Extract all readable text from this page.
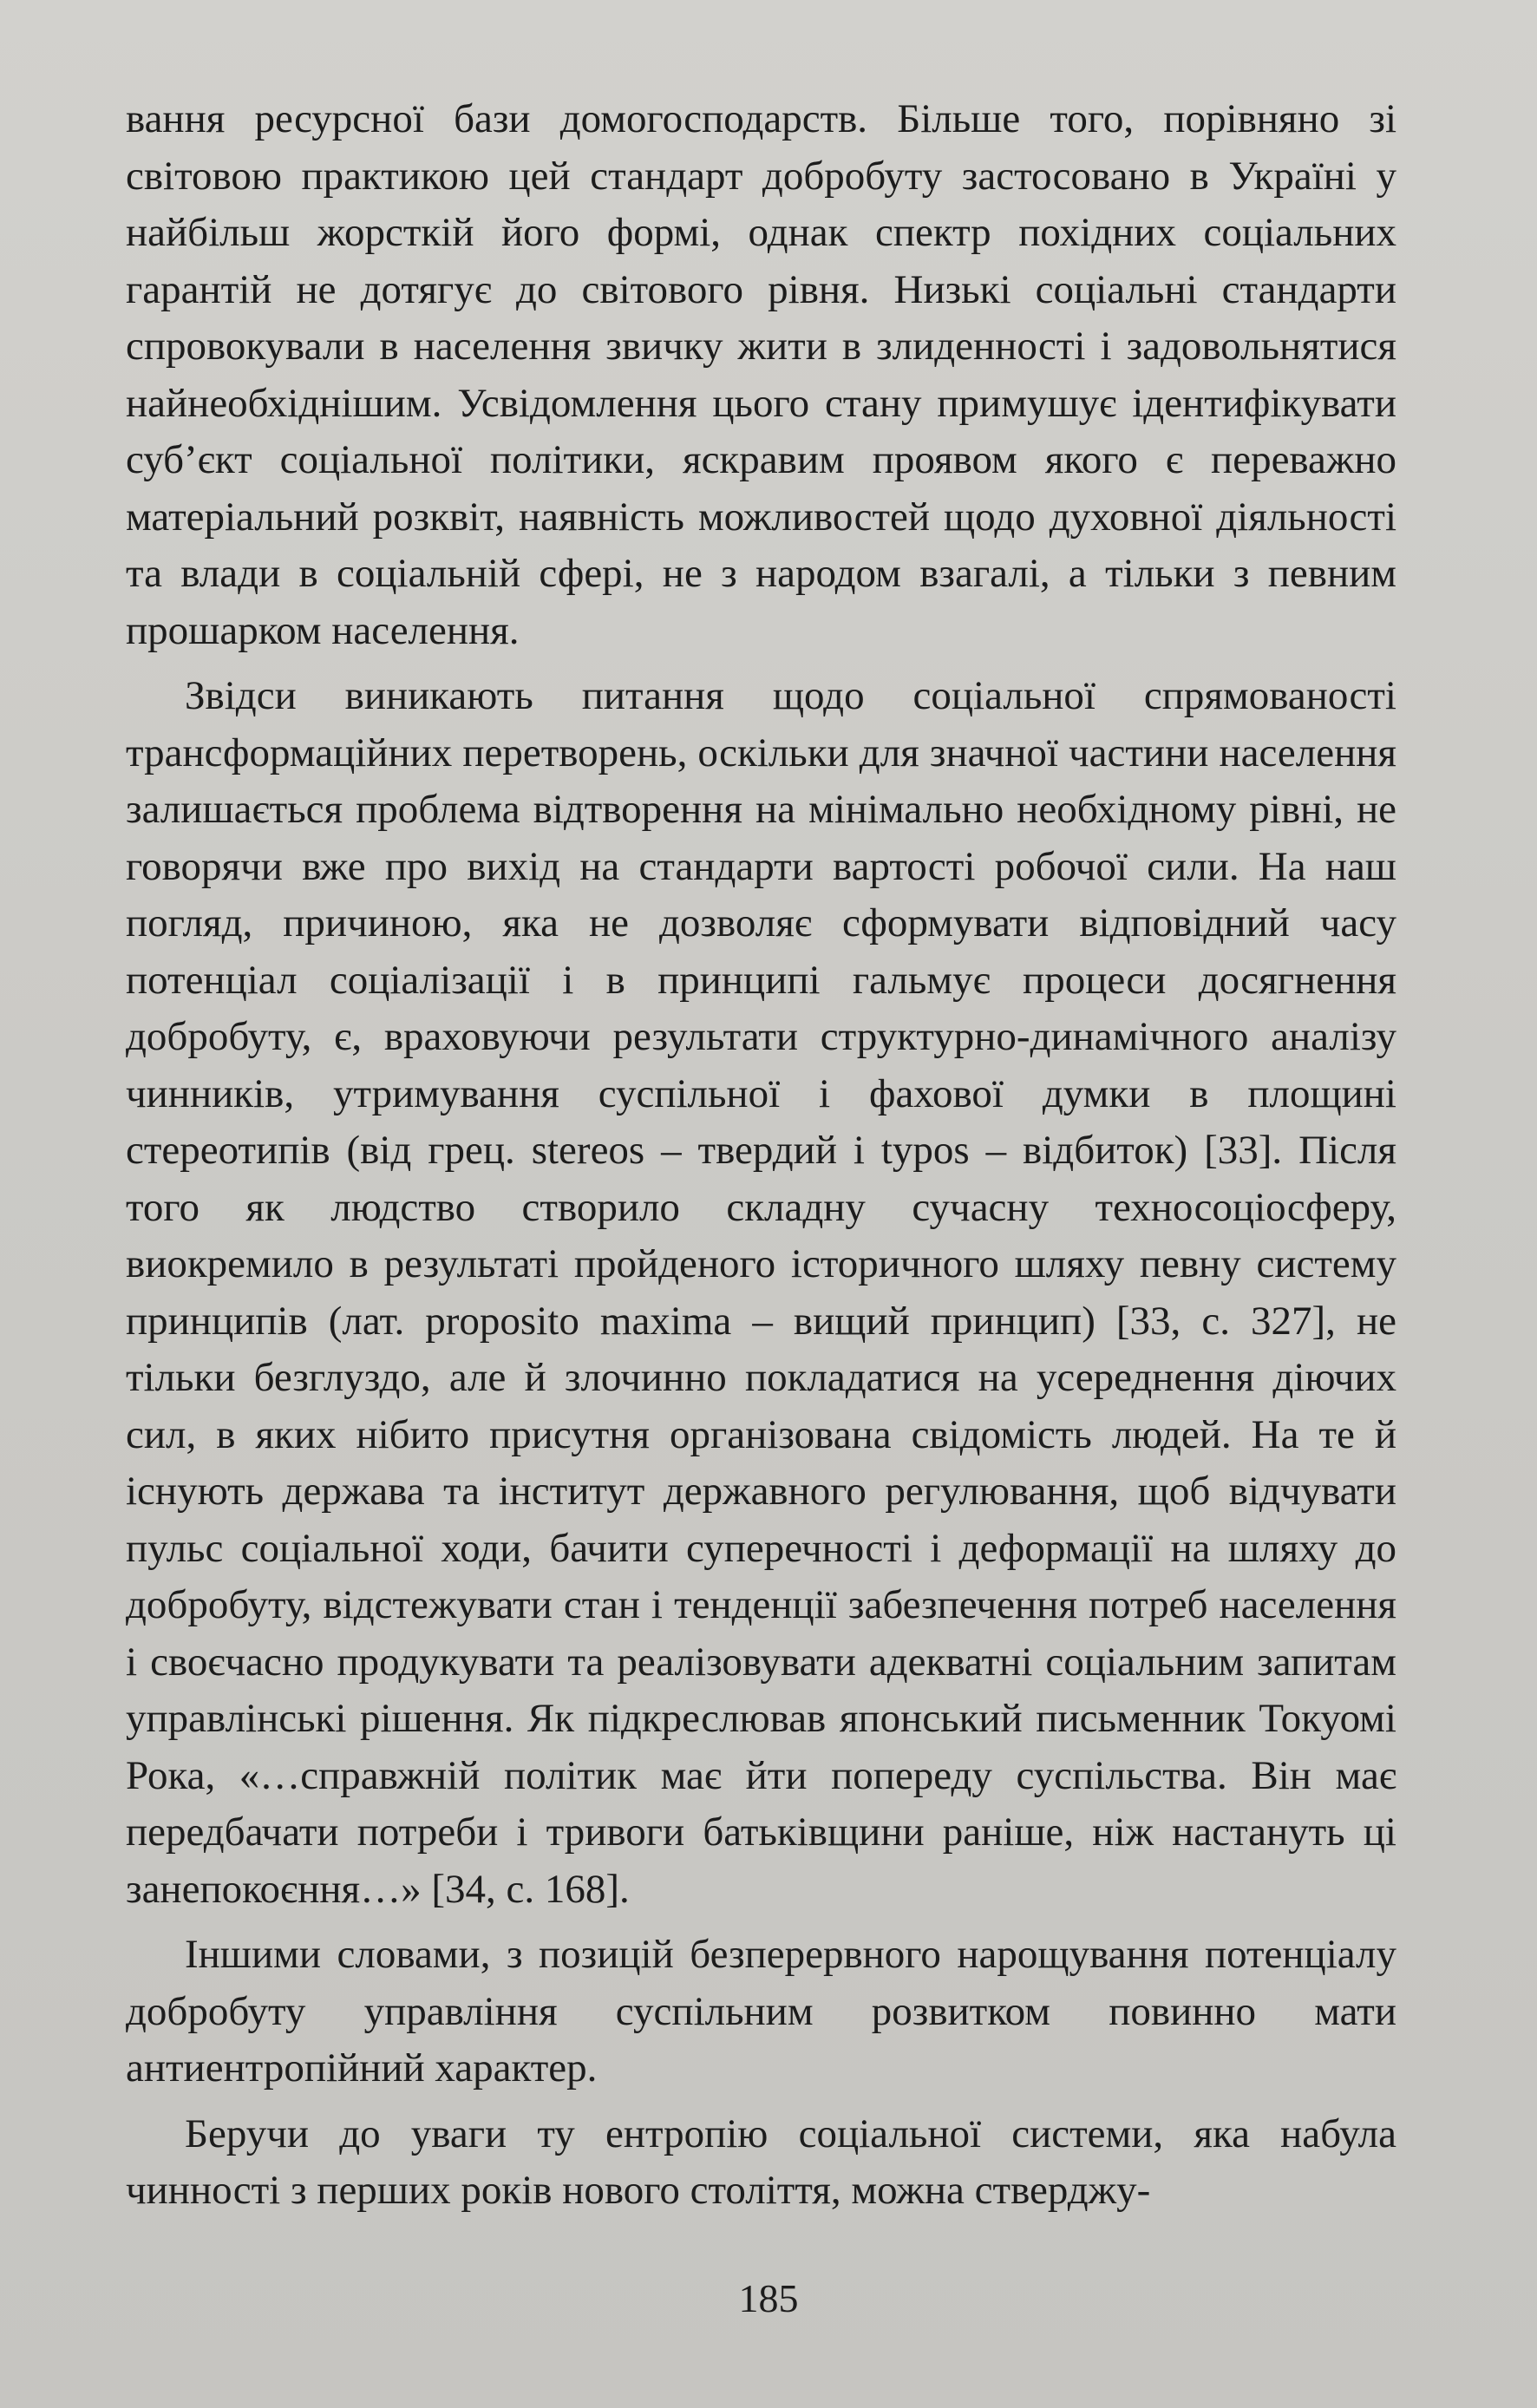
вання ресурсної бази домогосподарств. Більше того, порівняно зі світовою практикою цей стандарт добробуту застосовано в Україні у найбільш жорсткій його формі, однак спектр похідних соціальних гарантій не дотягує до світового рівня. Низькі соціальні стандарти спровокували в населення звичку жити в злиденності і задовольнятися найнеобхіднішим. Усвідомлення цього стану примушує ідентифікувати суб’єкт соціальної політики, яскравим проявом якого є переважно матеріальний розквіт, наявність можливостей щодо духовної діяльності та влади в соціальній сфері, не з народом взагалі, а тільки з певним прошарком населення.

Звідси виникають питання щодо соціальної спрямованості трансформаційних перетворень, оскільки для значної частини населення залишається проблема відтворення на мінімально необхідному рівні, не говорячи вже про вихід на стандарти вартості робочої сили. На наш погляд, причиною, яка не дозволяє сформувати відповідний часу потенціал соціалізації і в принципі гальмує процеси досягнення добробуту, є, враховуючи результати структурно-динамічного аналізу чинників, утримування суспільної і фахової думки в площині стереотипів (від грец. stereos – твердий і typos – відбиток) [33]. Після того як людство створило складну сучасну техносоціосферу, виокремило в результаті пройденого історичного шляху певну систему принципів (лат. proposito maxima – вищий принцип) [33, с. 327], не тільки безглуздо, але й злочинно покладатися на усереднення діючих сил, в яких нібито присутня організована свідомість людей. На те й існують держава та інститут державного регулювання, щоб відчувати пульс соціальної ходи, бачити суперечності і деформації на шляху до добробуту, відстежувати стан і тенденції забезпечення потреб населення і своєчасно продукувати та реалізовувати адекватні соціальним запитам управлінські рішення. Як підкреслював японський письменник Токуомі Рока, «…справжній політик має йти попереду суспільства. Він має передбачати потреби і тривоги батьківщини раніше, ніж настануть ці занепокоєння…» [34, с. 168].

Іншими словами, з позицій безперервного нарощування потенціалу добробуту управління суспільним розвитком повинно мати антиентропійний характер.

Беручи до уваги ту ентропію соціальної системи, яка набула чинності з перших років нового століття, можна стверджу-

185
